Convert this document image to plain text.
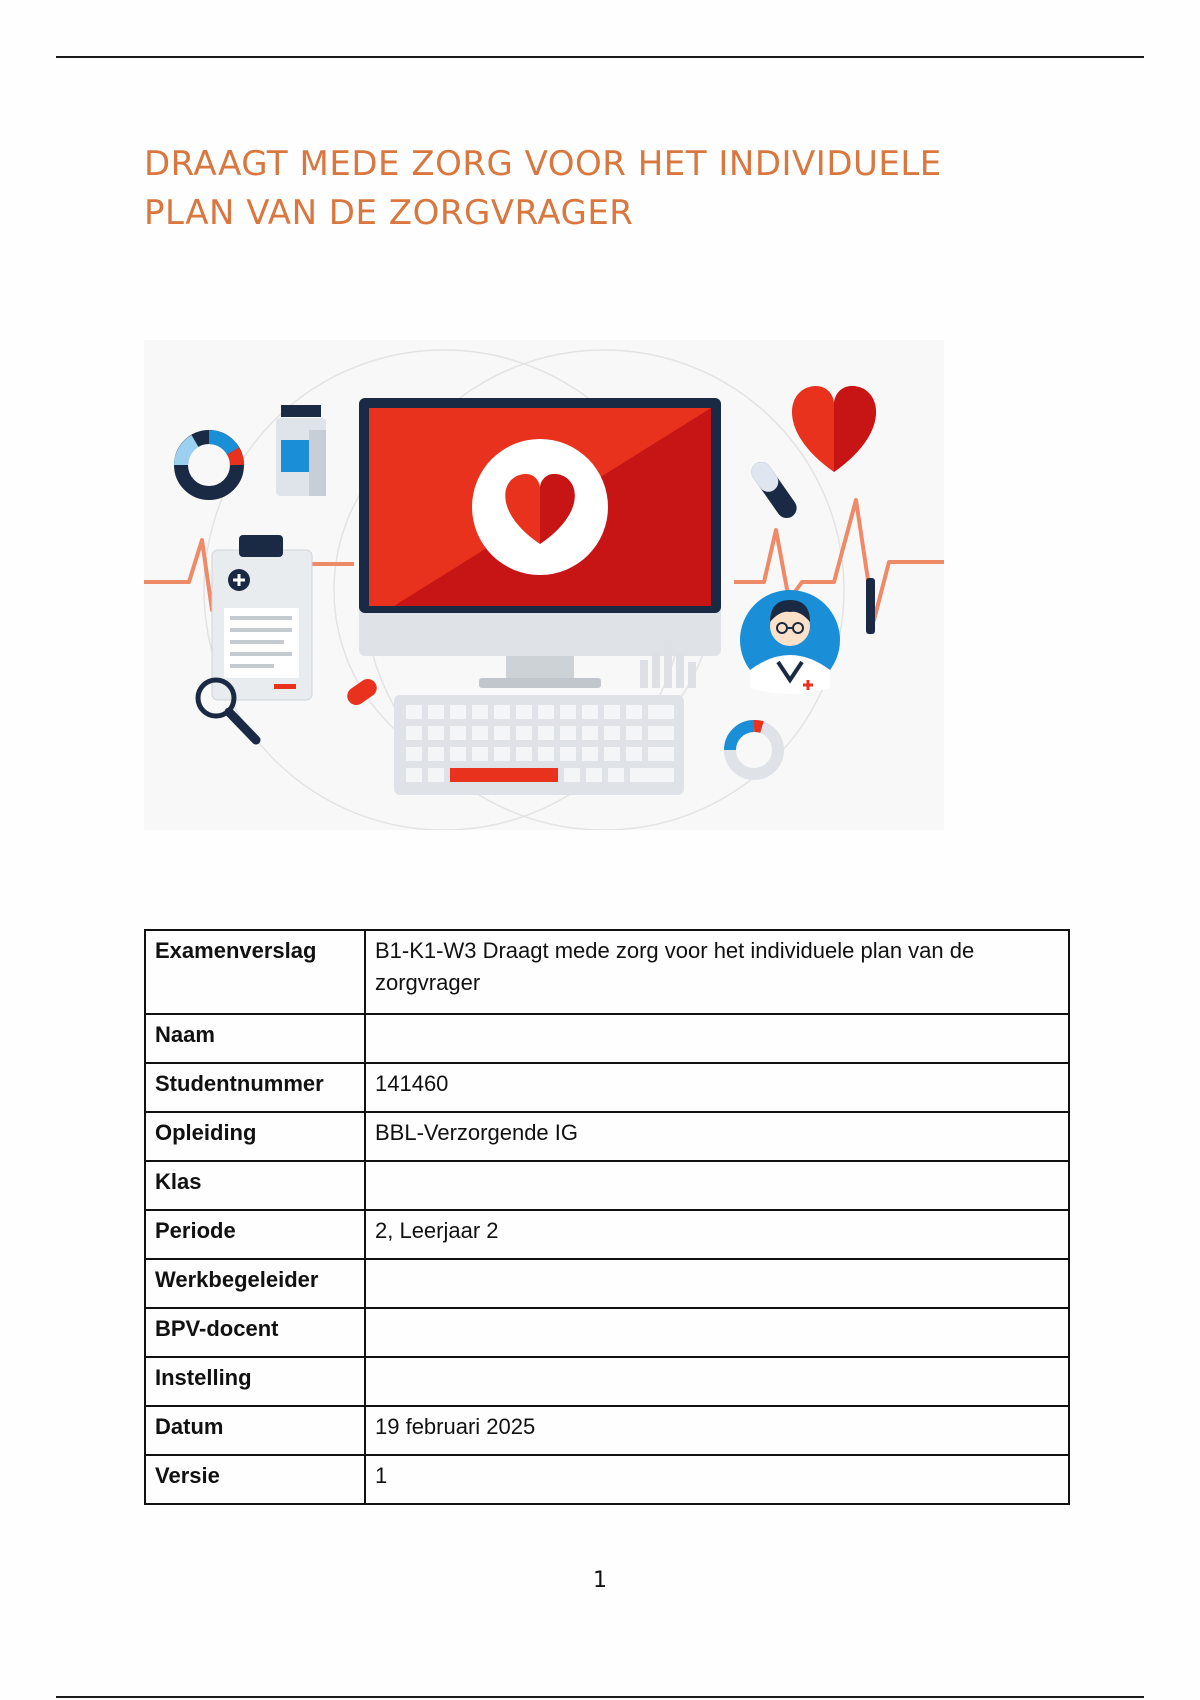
DRAAGT MEDE ZORG VOOR HET INDIVIDUELE
PLAN VAN DE ZORGVRAGER
Examenverslag	B1-K1-W3 Draagt mede zorg voor het individuele plan van de zorgvrager
Naam	
Studentnummer	141460
Opleiding	BBL-Verzorgende IG
Klas	
Periode	2, Leerjaar 2
Werkbegeleider	
BPV-docent	
Instelling	
Datum	19 februari 2025
Versie	1
1
